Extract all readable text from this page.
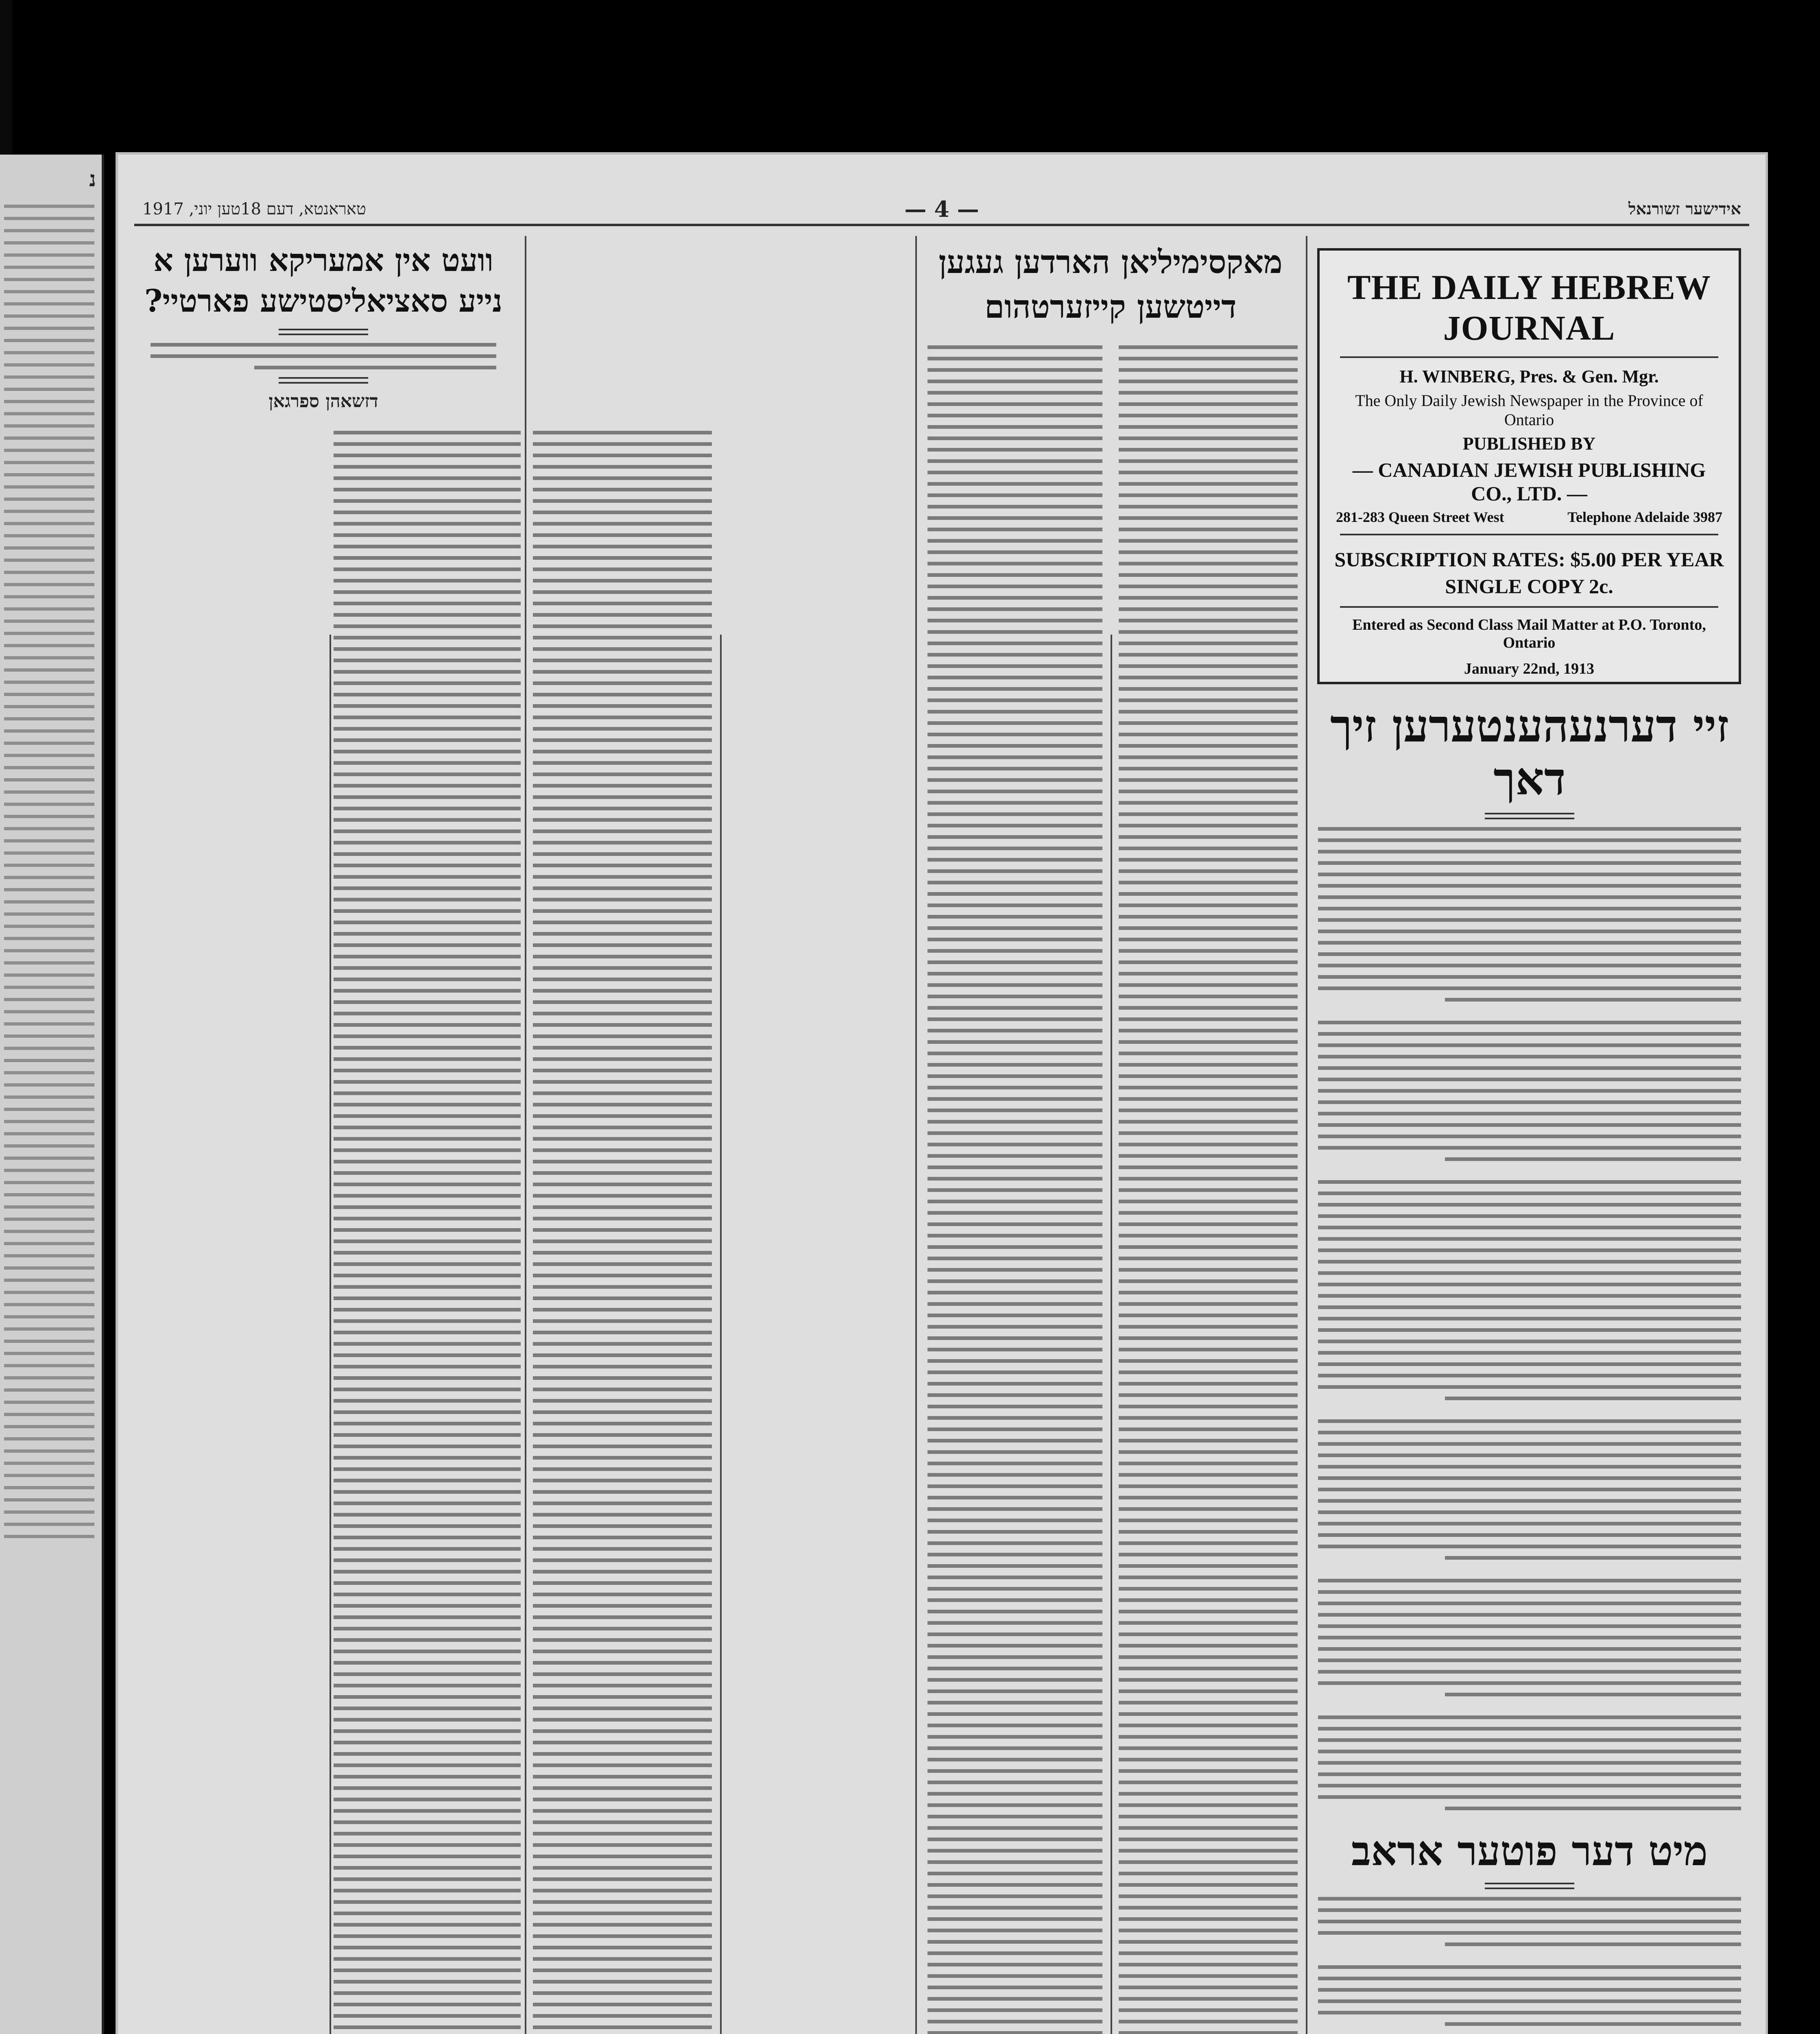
נ
אידישער זשורנאל
— 4 —
טאראנטא, דעם 18טען יוני, 1917
THE DAILY HEBREW JOURNAL
H. WINBERG, Pres. & Gen. Mgr.
The Only Daily Jewish Newspaper in the Province of Ontario
PUBLISHED BY
— CANADIAN JEWISH PUBLISHING CO., LTD. —
281-283 Queen Street West	Telephone Adelaide 3987
SUBSCRIPTION RATES: $5.00 PER YEAR
SINGLE COPY 2c.
Entered as Second Class Mail Matter at P.O. Toronto, Ontario
January 22nd, 1913
זיי דערנעהענטערען זיך דאך
מיט דער פוטער אראב
מאקסימיליאן הארדען געגען דייטשען קייזערטהום
וועט אין אמעריקא ווערען א נייע סאציאליסטישע פארטיי?
דזשאהן ספרגאן
